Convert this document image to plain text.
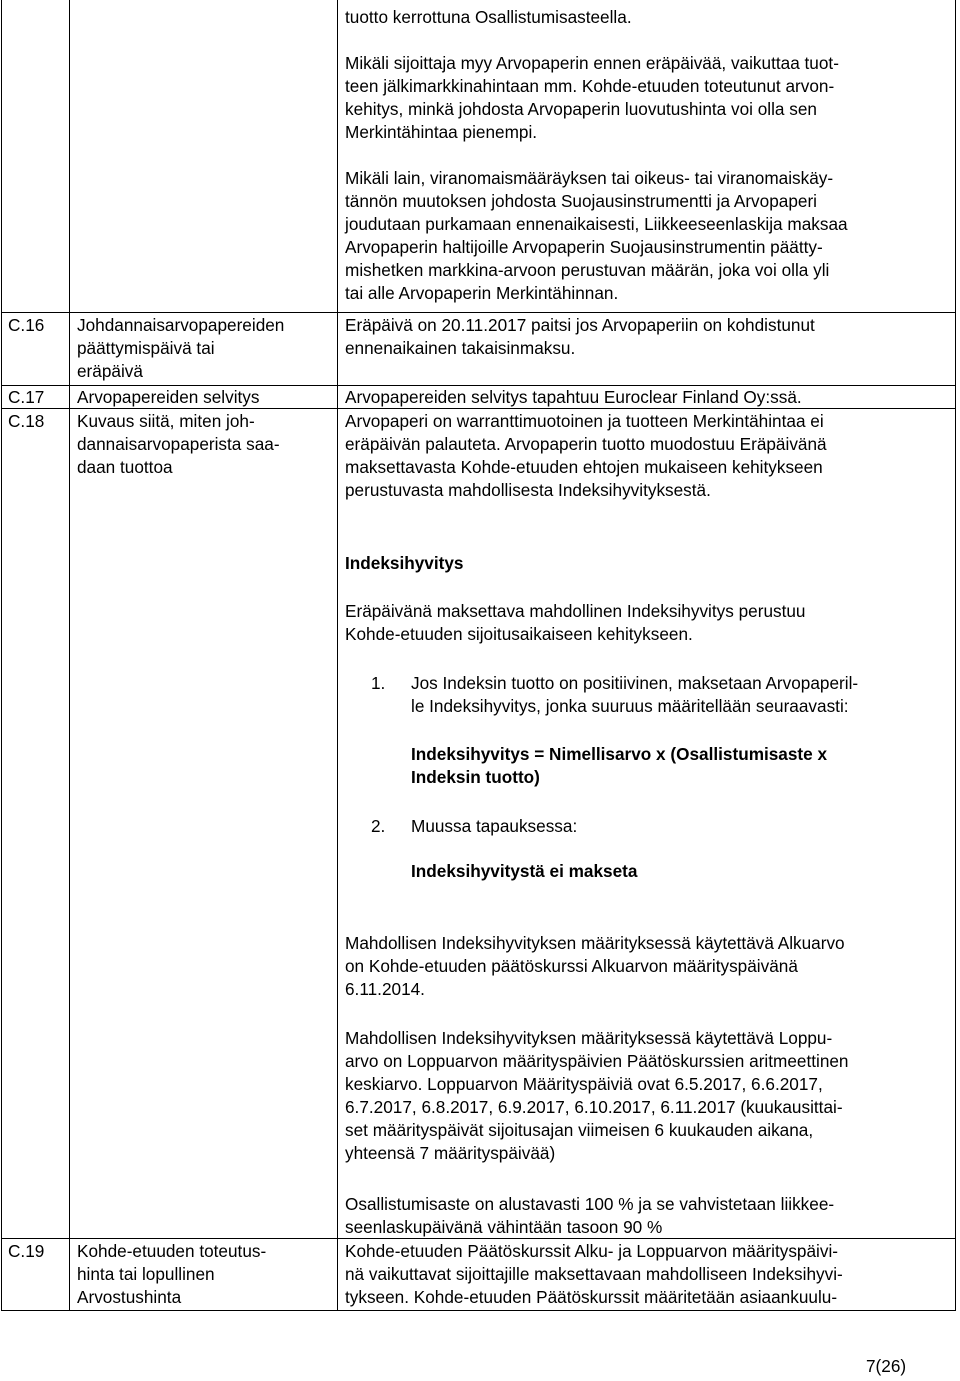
tuotto kerrottuna Osallistumisasteella.

Mikäli sijoittaja myy Arvopaperin ennen eräpäivää, vaikuttaa tuot-
teen jälkimarkkinahintaan mm. Kohde-etuuden toteutunut arvon-
kehitys, minkä johdosta Arvopaperin luovutushinta voi olla sen
Merkintähintaa pienempi.

Mikäli lain, viranomaismääräyksen tai oikeus- tai viranomaiskäy-
tännön muutoksen johdosta Suojausinstrumentti ja Arvopaperi
joudutaan purkamaan ennenaikaisesti, Liikkeeseenlaskija maksaa
Arvopaperin haltijoille Arvopaperin Suojausinstrumentin päätty-
mishetken markkina-arvoon perustuvan määrän, joka voi olla yli
tai alle Arvopaperin Merkintähinnan.

C.16 Johdannaisarvopapereiden
päättymispäivä tai
eräpäivä
Eräpäivä on 20.11.2017 paitsi jos Arvopaperiin on kohdistunut
ennenaikainen takaisinmaksu.
C.17 Arvopapereiden selvitys	Arvopapereiden selvitys tapahtuu Euroclear Finland Oy:ssä.
C.18 Kuvaus siitä, miten joh-
dannaisarvopaperista saa-
daan tuottoa
Arvopaperi on warranttimuotoinen ja tuotteen Merkintähintaa ei
eräpäivän palauteta. Arvopaperin tuotto muodostuu Eräpäivänä
maksettavasta Kohde-etuuden ehtojen mukaiseen kehitykseen
perustuvasta mahdollisesta Indeksihyvityksestä.
Indeksihyvitys
Eräpäivänä maksettava mahdollinen Indeksihyvitys perustuu
Kohde-etuuden sijoitusaikaiseen kehitykseen.
1. Jos Indeksin tuotto on positiivinen, maksetaan Arvopaperil-
le Indeksihyvitys, jonka suuruus määritellään seuraavasti:
Indeksihyvitys = Nimellisarvo x (Osallistumisaste x
Indeksin tuotto)
2. Muussa tapauksessa:
Indeksihyvitystä ei makseta
Mahdollisen Indeksihyvityksen määrityksessä käytettävä Alkuarvo
on Kohde-etuuden päätöskurssi Alkuarvon määrityspäivänä
6.11.2014.
Mahdollisen Indeksihyvityksen määrityksessä käytettävä Loppu-
arvo on Loppuarvon määrityspäivien Päätöskurssien aritmeettinen
keskiarvo. Loppuarvon Määrityspäiviä ovat 6.5.2017, 6.6.2017,
6.7.2017, 6.8.2017, 6.9.2017, 6.10.2017, 6.11.2017 (kuukausittai-
set määrityspäivät sijoitusajan viimeisen 6 kuukauden aikana,
yhteensä 7 määrityspäivää)
Osallistumisaste on alustavasti 100 % ja se vahvistetaan liikkee-
seenlaskupäivänä vähintään tasoon 90 %
C.19 Kohde-etuuden toteutus-
hinta tai lopullinen
Arvostushinta
Kohde-etuuden Päätöskurssit Alku- ja Loppuarvon määrityspäivi-
nä vaikuttavat sijoittajille maksettavaan mahdolliseen Indeksihyvi-
tykseen. Kohde-etuuden Päätöskurssit määritetään asiaankuulu-
7(26)
